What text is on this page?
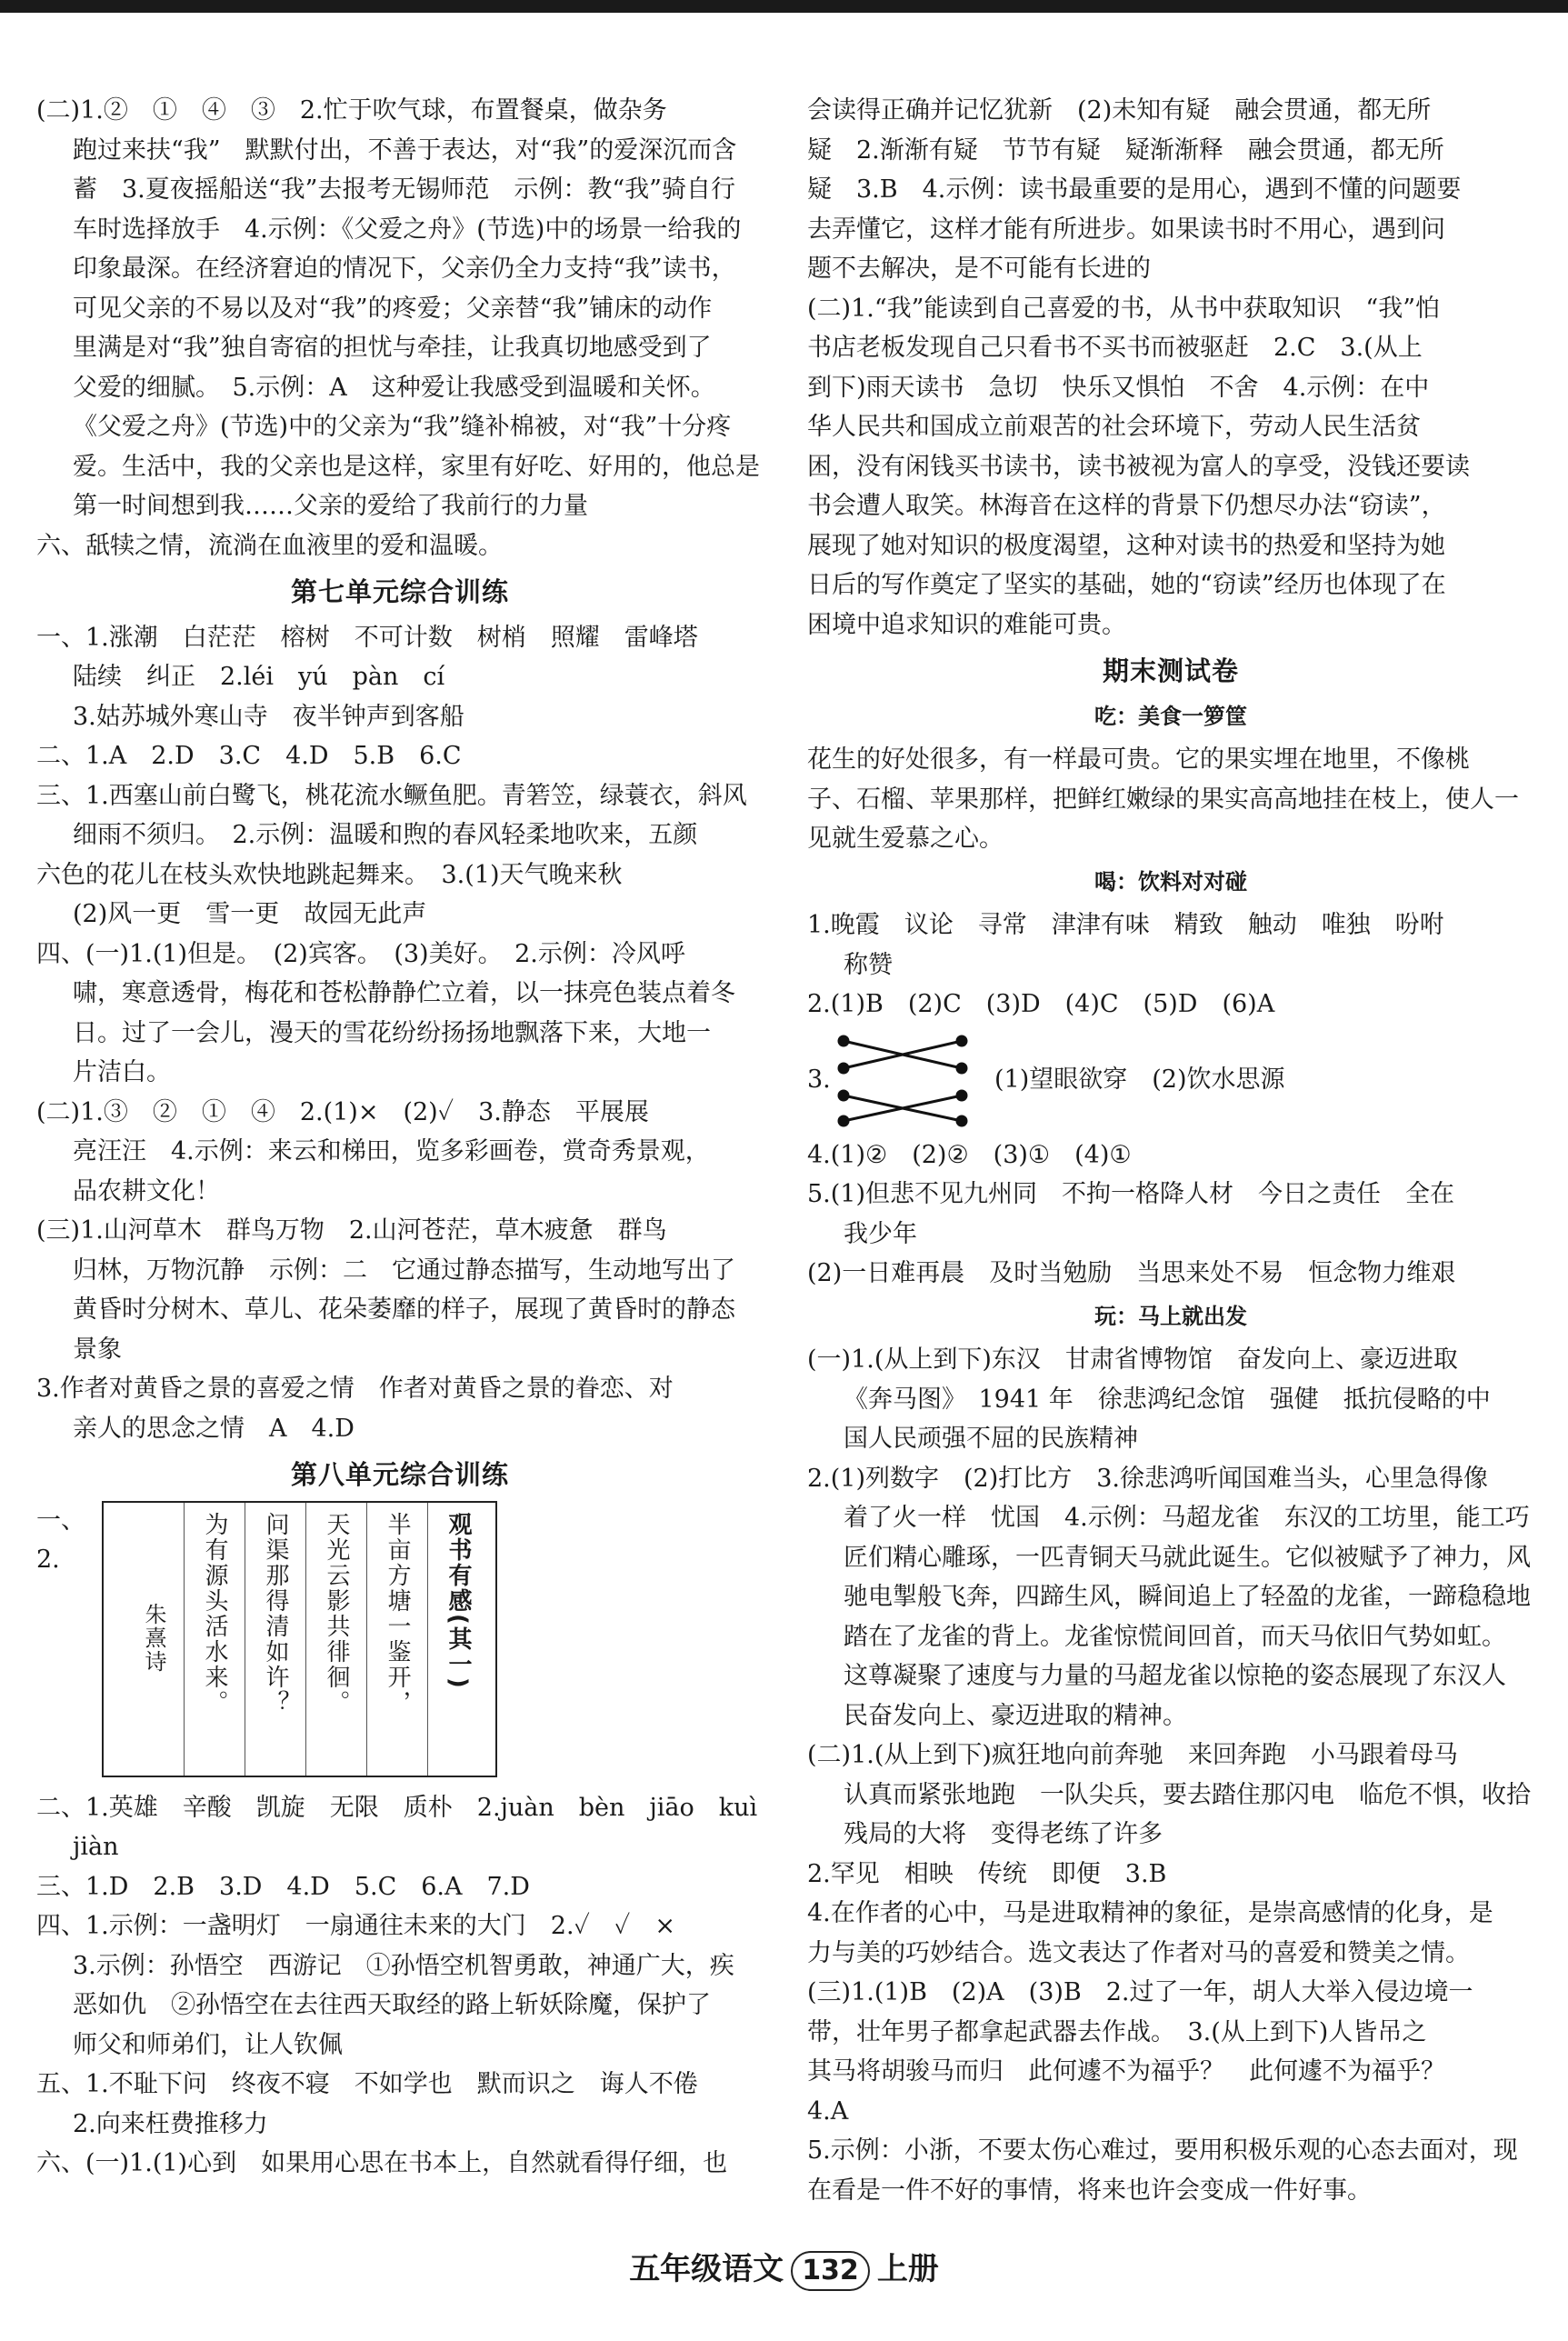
(二)1.②　①　④　③　2.忙于吹气球，布置餐桌，做杂务

跑过来扶“我”　默默付出，不善于表达，对“我”的爱深沉而含

蓄　3.夏夜摇船送“我”去报考无锡师范　示例：教“我”骑自行

车时选择放手　4.示例：《父爱之舟》(节选)中的场景一给我的

印象最深。在经济窘迫的情况下，父亲仍全力支持“我”读书，

可见父亲的不易以及对“我”的疼爱；父亲替“我”铺床的动作

里满是对“我”独自寄宿的担忧与牵挂，让我真切地感受到了

父爱的细腻。　5.示例：A　这种爱让我感受到温暖和关怀。

《父爱之舟》(节选)中的父亲为“我”缝补棉被，对“我”十分疼

爱。生活中，我的父亲也是这样，家里有好吃、好用的，他总是

第一时间想到我……父亲的爱给了我前行的力量

六、舐犊之情，流淌在血液里的爱和温暖。

第七单元综合训练

一、1.涨潮　白茫茫　榕树　不可计数　树梢　照耀　雷峰塔

陆续　纠正　2.léi　yú　pàn　cí

3.姑苏城外寒山寺　夜半钟声到客船

二、1.A　2.D　3.C　4.D　5.B　6.C

三、1.西塞山前白鹭飞，桃花流水鳜鱼肥。青箬笠，绿蓑衣，斜风

细雨不须归。　2.示例：温暖和煦的春风轻柔地吹来，五颜

六色的花儿在枝头欢快地跳起舞来。　3.(1)天气晚来秋

(2)风一更　雪一更　故园无此声

四、(一)1.(1)但是。　(2)宾客。　(3)美好。　2.示例：冷风呼

啸，寒意透骨，梅花和苍松静静伫立着，以一抹亮色装点着冬

日。过了一会儿，漫天的雪花纷纷扬扬地飘落下来，大地一

片洁白。

(二)1.③　②　①　④　2.(1)×　(2)✓　3.静态　平展展

亮汪汪　4.示例：来云和梯田，览多彩画卷，赏奇秀景观，

品农耕文化！

(三)1.山河草木　群鸟万物　2.山河苍茫，草木疲惫　群鸟

归林，万物沉静　示例：二　它通过静态描写，生动地写出了

黄昏时分树木、草儿、花朵萎靡的样子，展现了黄昏时的静态

景象

3.作者对黄昏之景的喜爱之情　作者对黄昏之景的眷恋、对

亲人的思念之情　A　4.D

第八单元综合训练
一、2.	观书有感(其一)
半亩方塘一鉴开，
天光云影共徘徊。
问渠那得清如许？
为有源头活水来。
朱熹诗

二、1.英雄　辛酸　凯旋　无限　质朴　2.juàn　bèn　jiāo　kuì

jiàn

三、1.D　2.B　3.D　4.D　5.C　6.A　7.D

四、1.示例：一盏明灯　一扇通往未来的大门　2.✓　✓　×

3.示例：孙悟空　西游记　①孙悟空机智勇敢，神通广大，疾

恶如仇　②孙悟空在去往西天取经的路上斩妖除魔，保护了

师父和师弟们，让人钦佩

五、1.不耻下问　终夜不寝　不如学也　默而识之　诲人不倦

2.向来枉费推移力

六、(一)1.(1)心到　如果用心思在书本上，自然就看得仔细，也

会读得正确并记忆犹新　(2)未知有疑　融会贯通，都无所

疑　2.渐渐有疑　节节有疑　疑渐渐释　融会贯通，都无所

疑　3.B　4.示例：读书最重要的是用心，遇到不懂的问题要

去弄懂它，这样才能有所进步。如果读书时不用心，遇到问

题不去解决，是不可能有长进的

(二)1.“我”能读到自己喜爱的书，从书中获取知识　“我”怕

书店老板发现自己只看书不买书而被驱赶　2.C　3.(从上

到下)雨天读书　急切　快乐又惧怕　不舍　4.示例：在中

华人民共和国成立前艰苦的社会环境下，劳动人民生活贫

困，没有闲钱买书读书，读书被视为富人的享受，没钱还要读

书会遭人取笑。林海音在这样的背景下仍想尽办法“窃读”，

展现了她对知识的极度渴望，这种对读书的热爱和坚持为她

日后的写作奠定了坚实的基础，她的“窃读”经历也体现了在

困境中追求知识的难能可贵。

期末测试卷
吃：美食一箩筐

花生的好处很多，有一样最可贵。它的果实埋在地里，不像桃

子、石榴、苹果那样，把鲜红嫩绿的果实高高地挂在枝上，使人一

见就生爱慕之心。

喝：饮料对对碰

1.晚霞　议论　寻常　津津有味　精致　触动　唯独　吩咐

称赞

2.(1)B　(2)C　(3)D　(4)C　(5)D　(6)A

3.	(1)望眼欲穿　(2)饮水思源

4.(1)②　(2)②　(3)①　(4)①

5.(1)但悲不见九州同　不拘一格降人材　今日之责任　全在

我少年

(2)一日难再晨　及时当勉励　当思来处不易　恒念物力维艰

玩：马上就出发

(一)1.(从上到下)东汉　甘肃省博物馆　奋发向上、豪迈进取

《奔马图》　1941 年　徐悲鸿纪念馆　强健　抵抗侵略的中

国人民顽强不屈的民族精神

2.(1)列数字　(2)打比方　3.徐悲鸿听闻国难当头，心里急得像

着了火一样　忧国　4.示例：马超龙雀　东汉的工坊里，能工巧

匠们精心雕琢，一匹青铜天马就此诞生。它似被赋予了神力，风

驰电掣般飞奔，四蹄生风，瞬间追上了轻盈的龙雀，一蹄稳稳地

踏在了龙雀的背上。龙雀惊慌间回首，而天马依旧气势如虹。

这尊凝聚了速度与力量的马超龙雀以惊艳的姿态展现了东汉人

民奋发向上、豪迈进取的精神。

(二)1.(从上到下)疯狂地向前奔驰　来回奔跑　小马跟着母马

认真而紧张地跑　一队尖兵，要去踏住那闪电　临危不惧，收拾

残局的大将　变得老练了许多

2.罕见　相映　传统　即便　3.B

4.在作者的心中，马是进取精神的象征，是崇高感情的化身，是

力与美的巧妙结合。选文表达了作者对马的喜爱和赞美之情。

(三)1.(1)B　(2)A　(3)B　2.过了一年，胡人大举入侵边境一

带，壮年男子都拿起武器去作战。　3.(从上到下)人皆吊之

其马将胡骏马而归　此何遽不为福乎？　此何遽不为福乎？

4.A

5.示例：小浙，不要太伤心难过，要用积极乐观的心态去面对，现

在看是一件不好的事情，将来也许会变成一件好事。

五年级语文 132 上册
